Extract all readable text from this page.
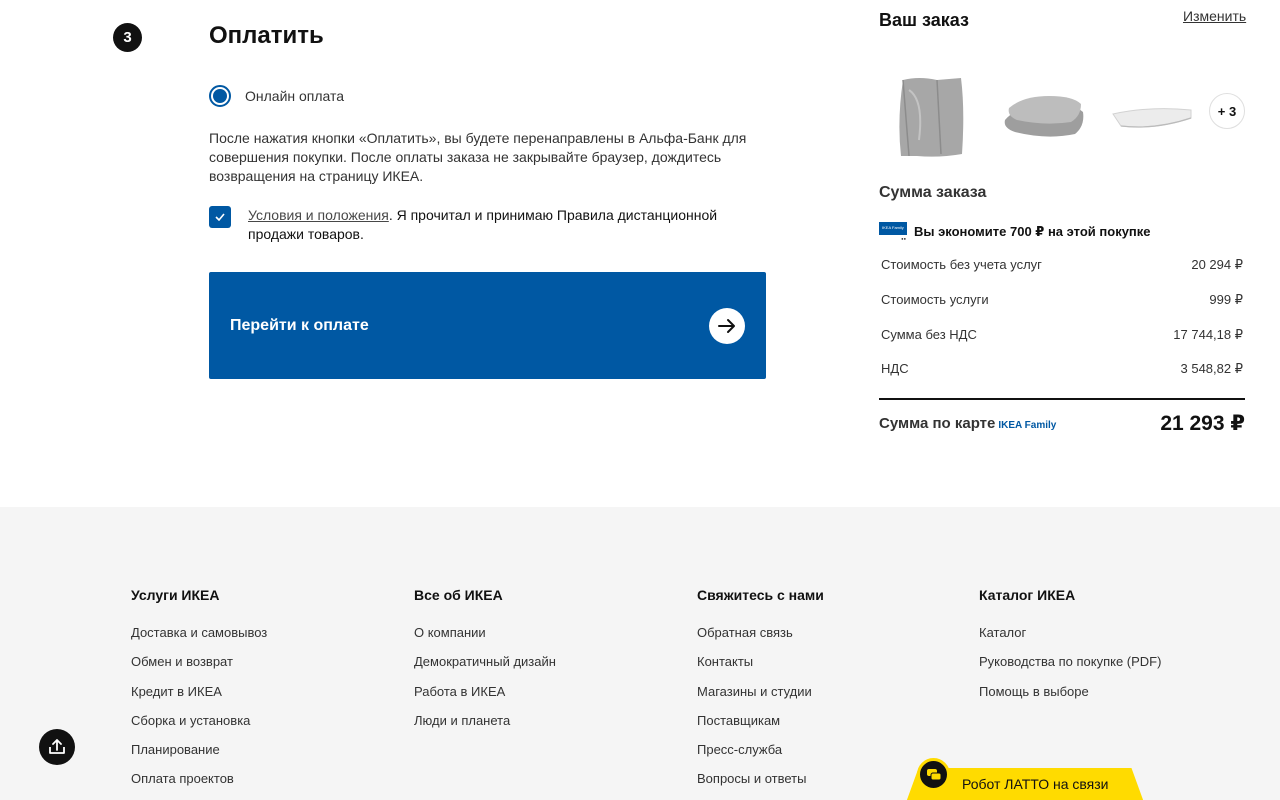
3	Оплатить
Онлайн оплата

После нажатия кнопки «Оплатить», вы будете перенаправлены в Альфа-Банк для совершения покупки. После оплаты заказа не закрывайте браузер, дождитесь возвращения на страницу ИКЕА.

Условия и положения. Я прочитал и принимаю Правила дистанционной продажи товаров.

Перейти к оплате
Ваш заказ	Изменить
+ 3
Сумма заказа
IKEA Family
●● Вы экономите 700 ₽ на этой покупке
Стоимость без учета услуг	20 294 ₽
Стоимость услуги	999 ₽
Сумма без НДС	17 744,18 ₽
НДС	3 548,82 ₽
Сумма по карте IKEA Family	21 293 ₽
Услуги ИКЕА
Доставка и самовывоз
Обмен и возврат
Кредит в ИКЕА
Сборка и установка
Планирование
Оплата проектов
Все об ИКЕА
О компании
Демократичный дизайн
Работа в ИКЕА
Люди и планета
Свяжитесь с нами
Обратная связь
Контакты
Магазины и студии
Поставщикам
Пресс-служба
Вопросы и ответы
Каталог ИКЕА
Каталог
Руководства по покупке (PDF)
Помощь в выборе
Робот ЛАТТО на связи
